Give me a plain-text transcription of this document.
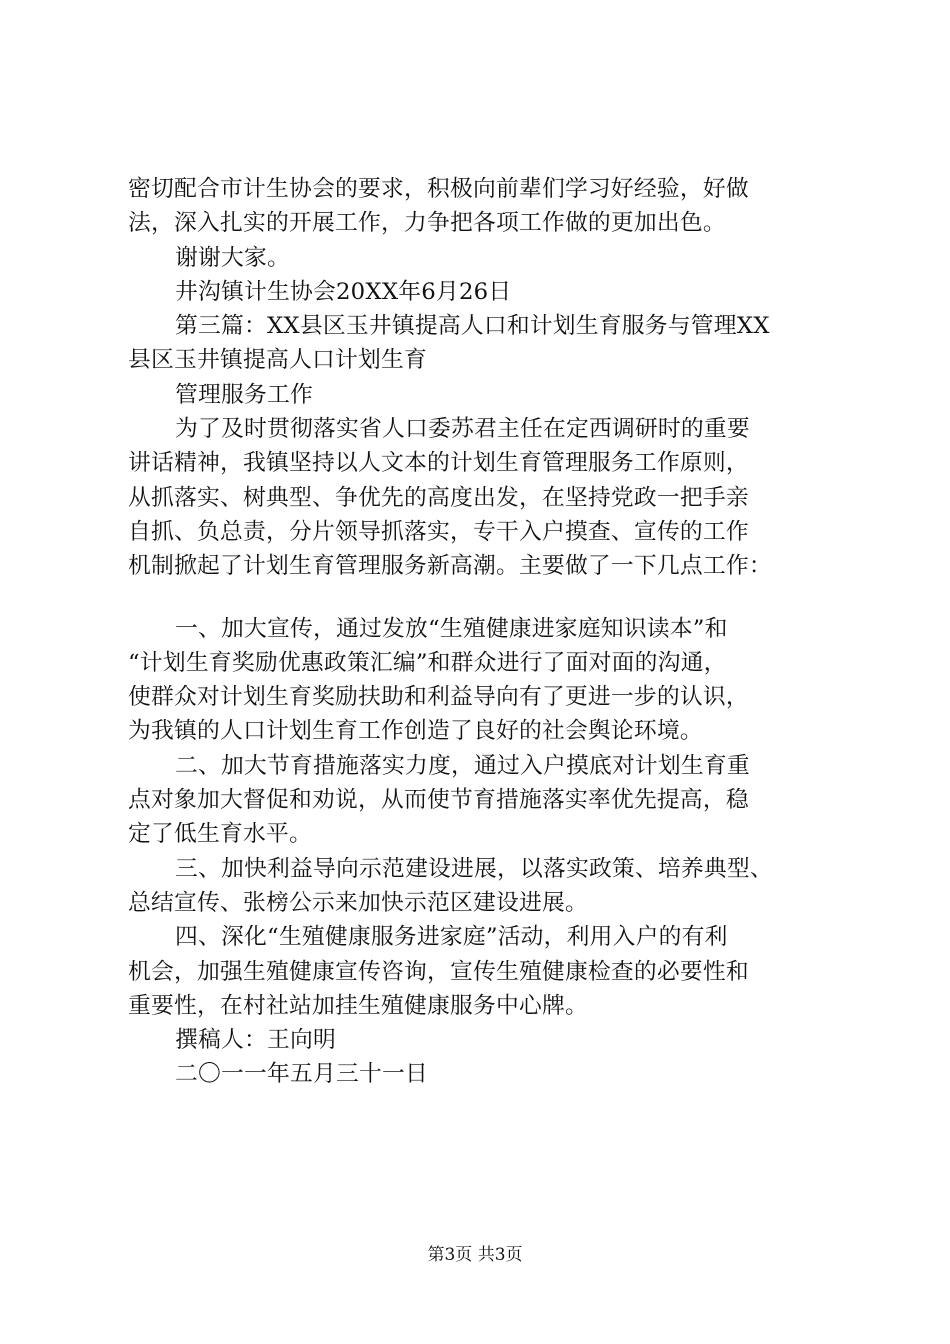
密切配合市计生协会的要求，积极向前辈们学习好经验，好做
法，深入扎实的开展工作，力争把各项工作做的更加出色。
谢谢大家。
井沟镇计生协会20XX年6月26日
第三篇：XX县区玉井镇提高人口和计划生育服务与管理XX
县区玉井镇提高人口计划生育
管理服务工作
为了及时贯彻落实省人口委苏君主任在定西调研时的重要
讲话精神，我镇坚持以人文本的计划生育管理服务工作原则，
从抓落实、树典型、争优先的高度出发，在坚持党政一把手亲
自抓、负总责，分片领导抓落实，专干入户摸查、宣传的工作
机制掀起了计划生育管理服务新高潮。主要做了一下几点工作：
一、加大宣传，通过发放“生殖健康进家庭知识读本”和
“计划生育奖励优惠政策汇编”和群众进行了面对面的沟通，
使群众对计划生育奖励扶助和利益导向有了更进一步的认识，
为我镇的人口计划生育工作创造了良好的社会舆论环境。
二、加大节育措施落实力度，通过入户摸底对计划生育重
点对象加大督促和劝说，从而使节育措施落实率优先提高，稳
定了低生育水平。
三、加快利益导向示范建设进展，以落实政策、培养典型、
总结宣传、张榜公示来加快示范区建设进展。
四、深化“生殖健康服务进家庭”活动，利用入户的有利
机会，加强生殖健康宣传咨询，宣传生殖健康检查的必要性和
重要性，在村社站加挂生殖健康服务中心牌。
撰稿人：王向明
二〇一一年五月三十一日
第3页 共3页
